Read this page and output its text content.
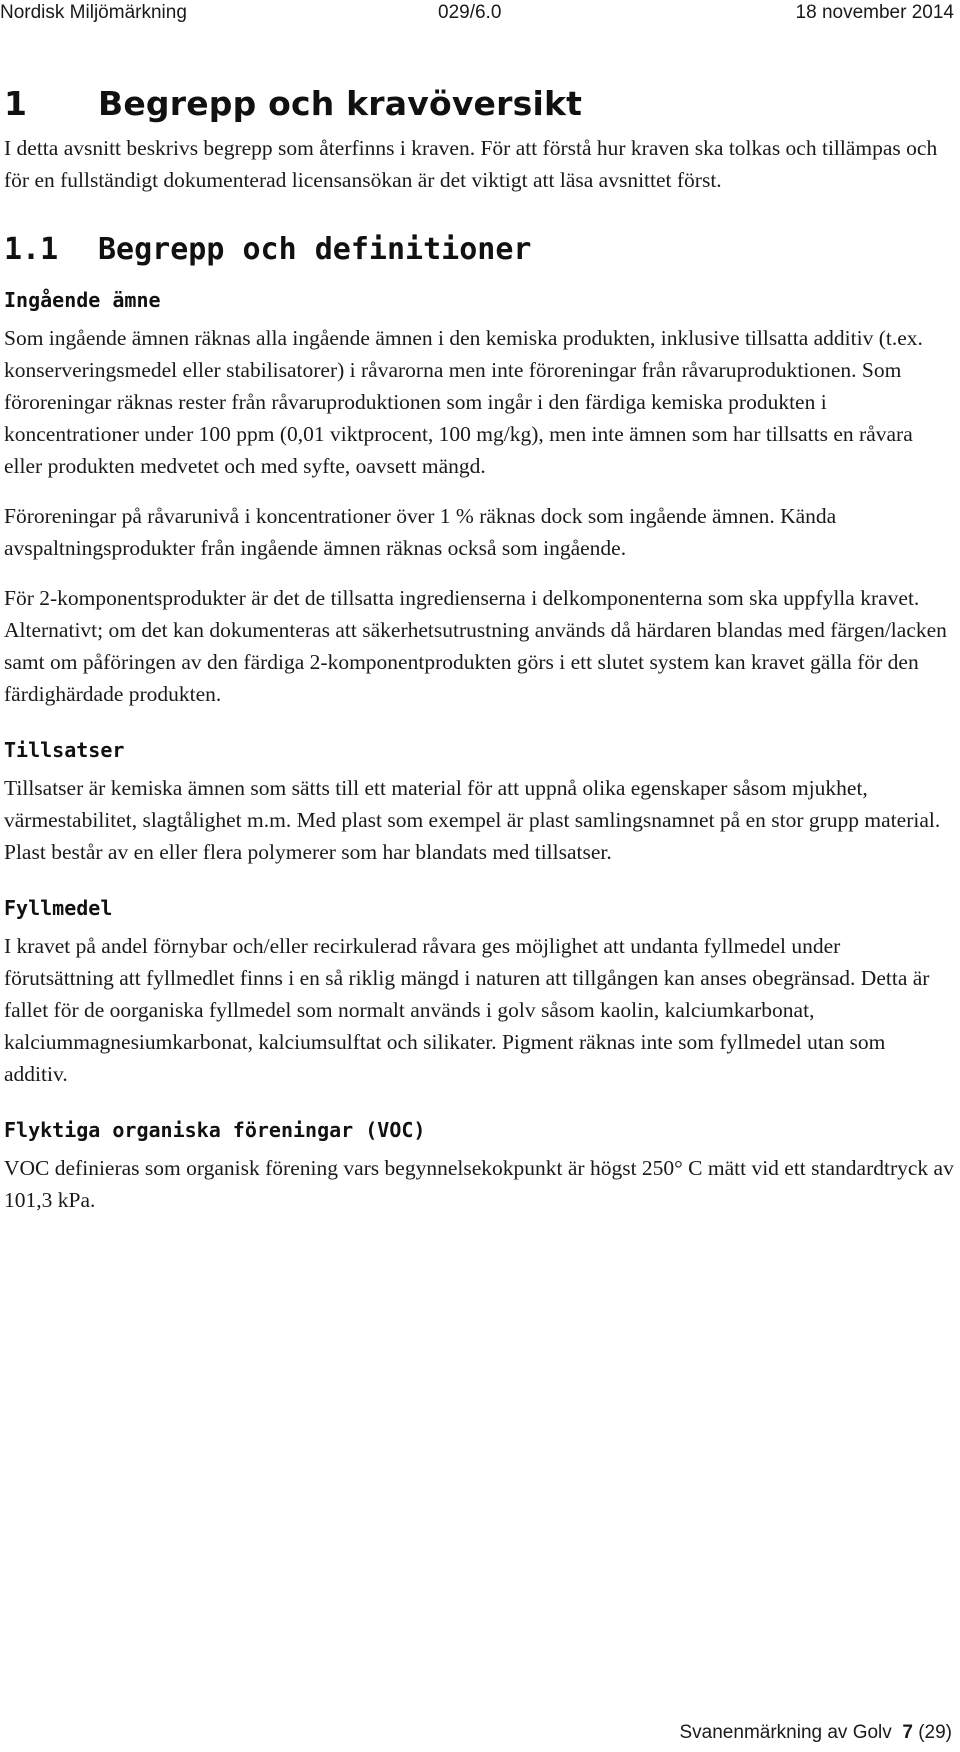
Nordisk Miljömärkning	029/6.0	18 november 2014
1 Begrepp och kravöversikt

I detta avsnitt beskrivs begrepp som återfinns i kraven. För att förstå hur kraven ska tolkas och tillämpas och för en fullständigt dokumenterad licensansökan är det viktigt att läsa avsnittet först.

1.1 Begrepp och definitioner
Ingående ämne

Som ingående ämnen räknas alla ingående ämnen i den kemiska produkten, inklusive tillsatta additiv (t.ex. konserveringsmedel eller stabilisatorer) i råvarorna men inte föroreningar från råvaruproduktionen. Som föroreningar räknas rester från råvaruproduktionen som ingår i den färdiga kemiska produkten i koncentrationer under 100 ppm (0,01 viktprocent, 100 mg/kg), men inte ämnen som har tillsatts en råvara eller produkten medvetet och med syfte, oavsett mängd.

Föroreningar på råvarunivå i koncentrationer över 1 % räknas dock som ingående ämnen. Kända avspaltningsprodukter från ingående ämnen räknas också som ingående.

För 2-komponentsprodukter är det de tillsatta ingredienserna i delkomponenterna som ska uppfylla kravet. Alternativt; om det kan dokumenteras att säkerhetsutrustning används då härdaren blandas med färgen/lacken samt om påföringen av den färdiga 2-komponentprodukten görs i ett slutet system kan kravet gälla för den färdighärdade produkten.

Tillsatser

Tillsatser är kemiska ämnen som sätts till ett material för att uppnå olika egenskaper såsom mjukhet, värmestabilitet, slagtålighet m.m. Med plast som exempel är plast samlingsnamnet på en stor grupp material. Plast består av en eller flera polymerer som har blandats med tillsatser.

Fyllmedel

I kravet på andel förnybar och/eller recirkulerad råvara ges möjlighet att undanta fyllmedel under förutsättning att fyllmedlet finns i en så riklig mängd i naturen att tillgången kan anses obegränsad. Detta är fallet för de oorganiska fyllmedel som normalt används i golv såsom kaolin, kalciumkarbonat, kalciummagnesiumkarbonat, kalciumsulftat och silikater. Pigment räknas inte som fyllmedel utan som additiv.

Flyktiga organiska föreningar (VOC)

VOC definieras som organisk förening vars begynnelsekokpunkt är högst 250° C mätt vid ett standardtryck av 101,3 kPa.

Svanenmärkning av Golv 7 (29)
